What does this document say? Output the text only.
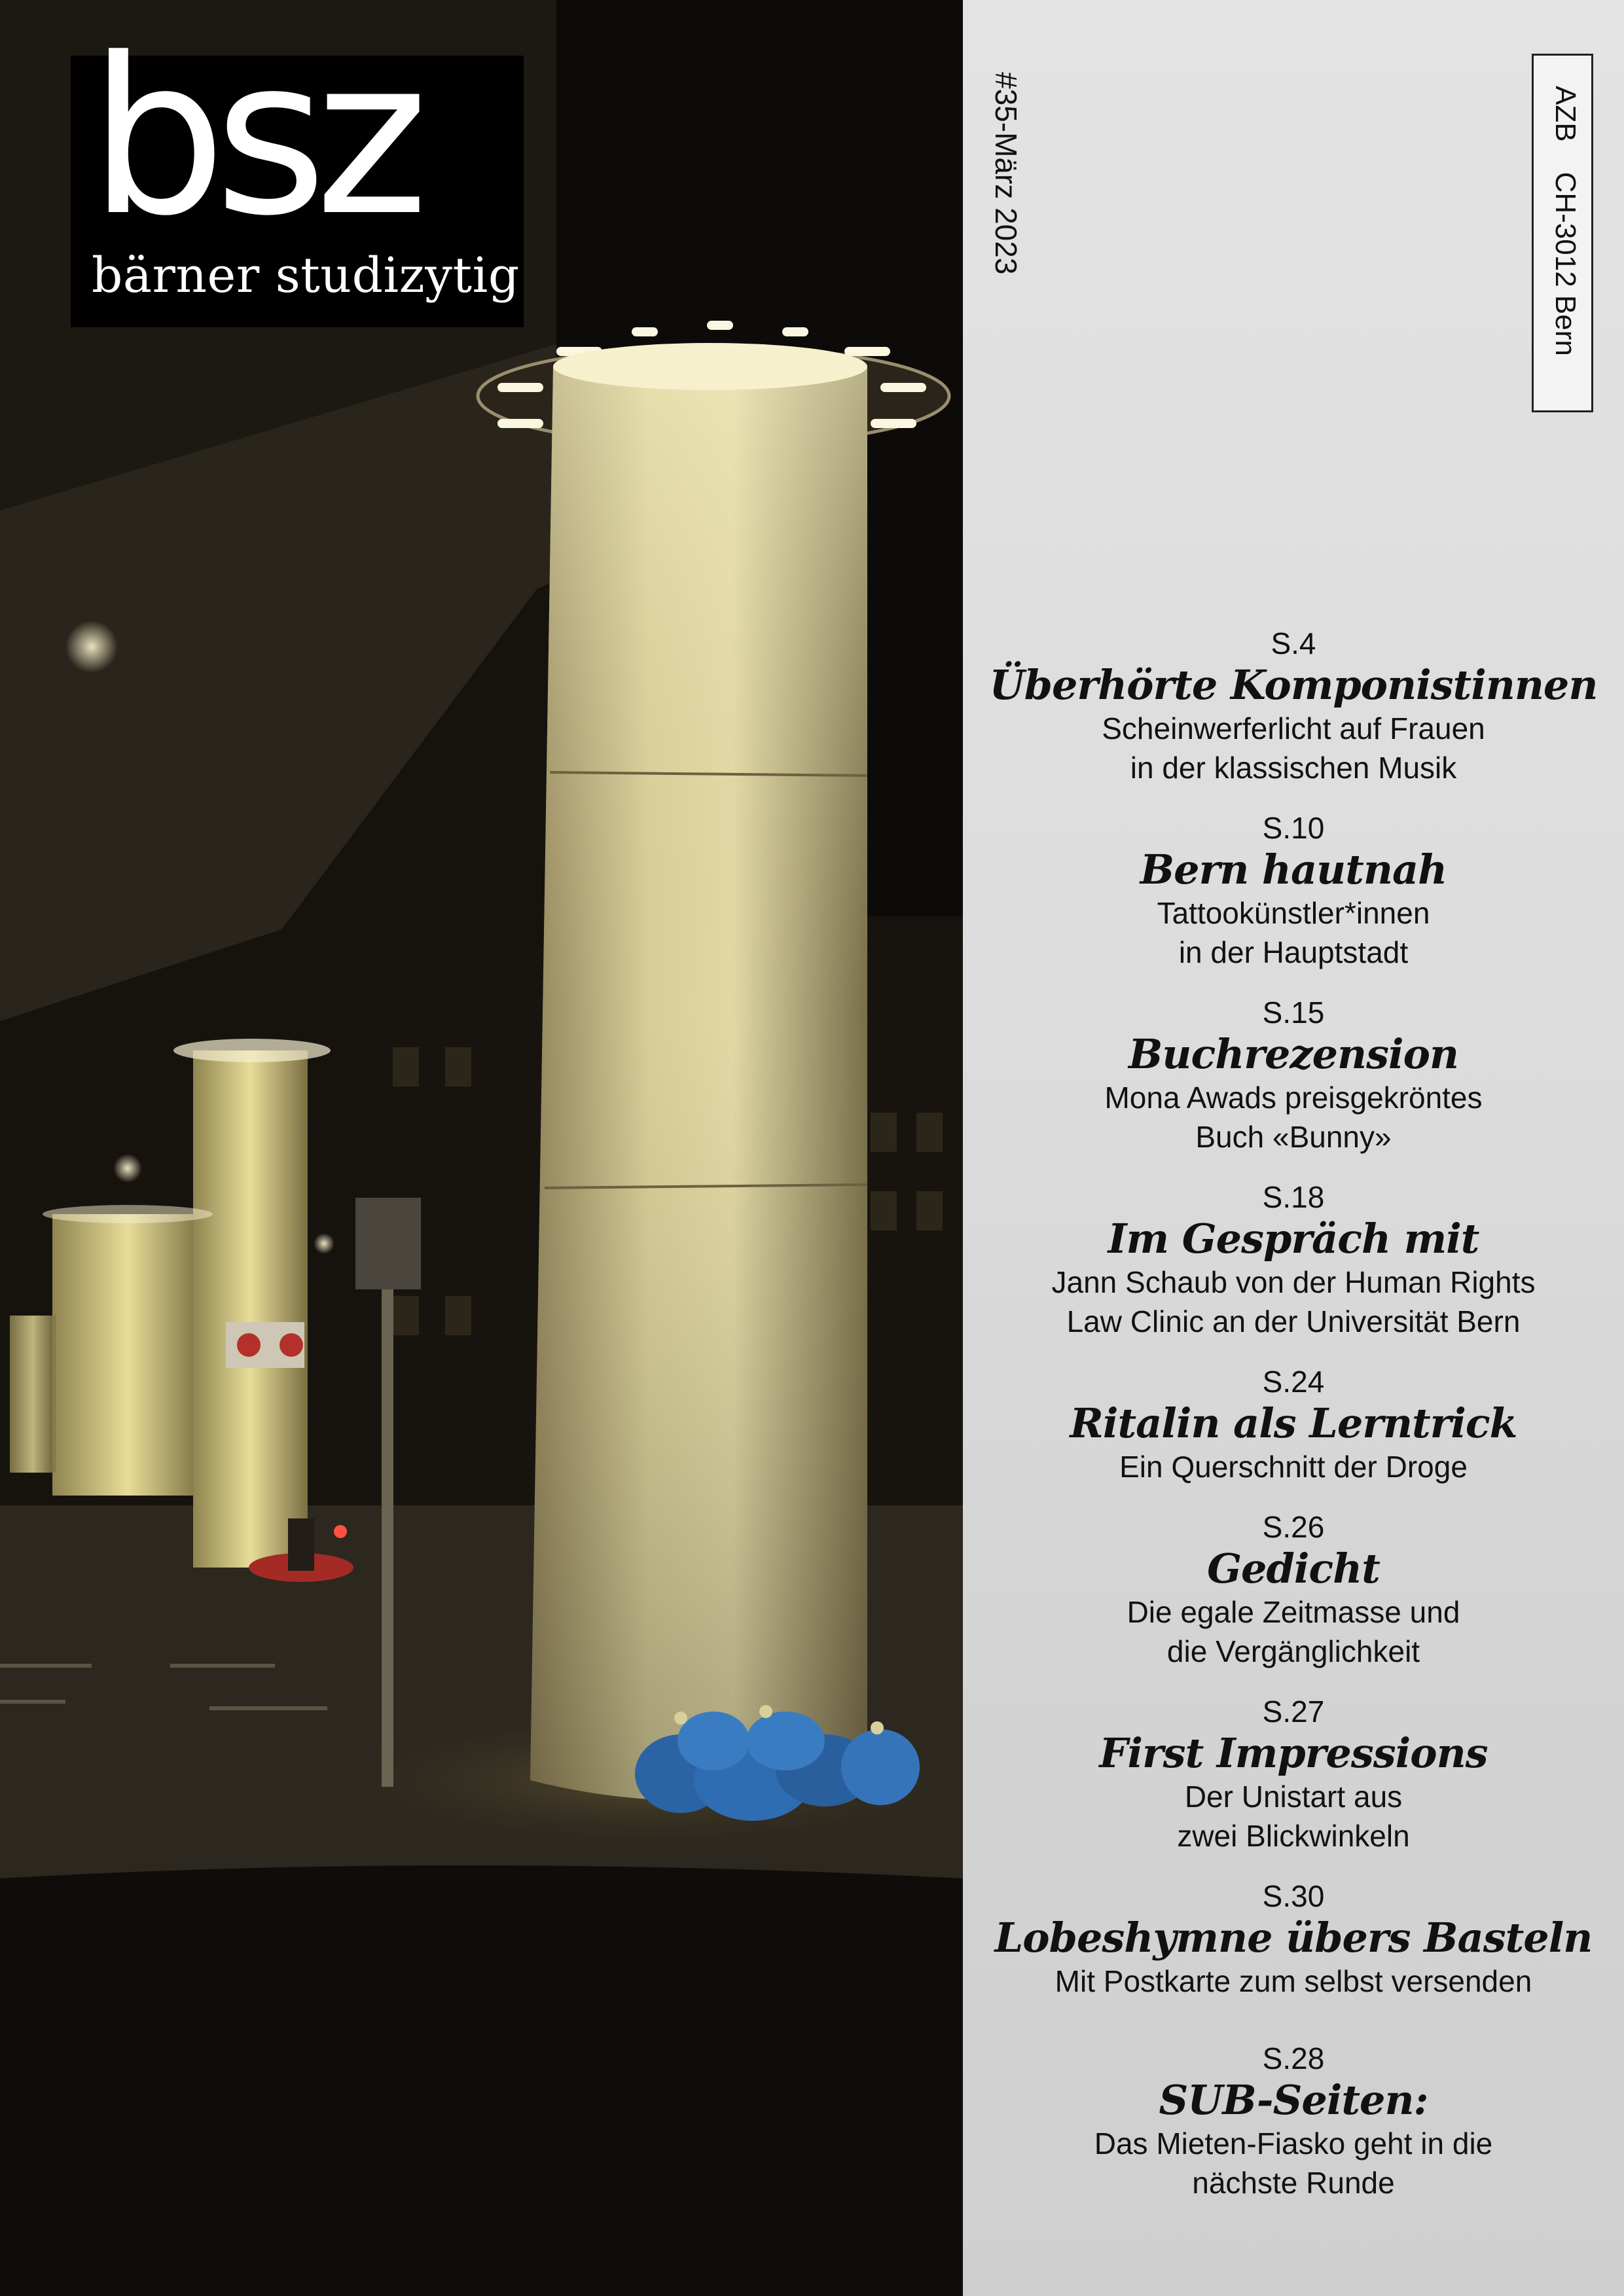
bsz
bärner studizytig
#35-März 2023	AZBCH-3012 Bern
S.4
Überhörte Komponistinnen
Scheinwerferlicht auf Frauen
in der klassischen Musik
S.10
Bern hautnah
Tattookünstler*innen
in der Hauptstadt
S.15
Buchrezension
Mona Awads preisgekröntes
Buch «Bunny»
S.18
Im Gespräch mit
Jann Schaub von der Human Rights
Law Clinic an der Universität Bern
S.24
Ritalin als Lerntrick
Ein Querschnitt der Droge
S.26
Gedicht
Die egale Zeitmasse und
die Vergänglichkeit
S.27
First Impressions
Der Unistart aus
zwei Blickwinkeln
S.30
Lobeshymne übers Basteln
Mit Postkarte zum selbst versenden
S.28
SUB-Seiten:
Das Mieten-Fiasko geht in die
nächste Runde
